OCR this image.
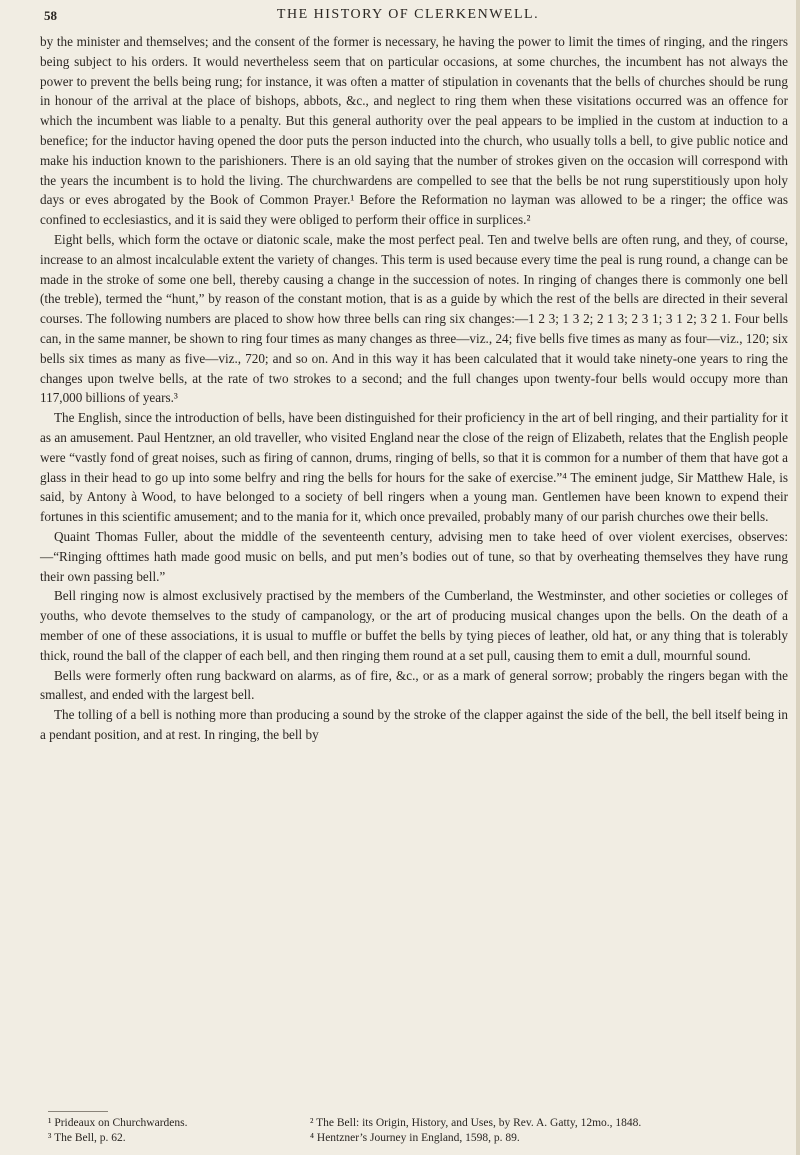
58	THE HISTORY OF CLERKENWELL.

by the minister and themselves; and the consent of the former is necessary, he having the power to limit the times of ringing, and the ringers being subject to his orders. It would nevertheless seem that on particular occasions, at some churches, the incumbent has not always the power to prevent the bells being rung; for instance, it was often a matter of stipulation in covenants that the bells of churches should be rung in honour of the arrival at the place of bishops, abbots, &c., and neglect to ring them when these visitations occurred was an offence for which the incumbent was liable to a penalty. But this general authority over the peal appears to be implied in the custom at induction to a benefice; for the inductor having opened the door puts the person inducted into the church, who usually tolls a bell, to give public notice and make his induction known to the parishioners. There is an old saying that the number of strokes given on the occasion will correspond with the years the incumbent is to hold the living. The churchwardens are compelled to see that the bells be not rung superstitiously upon holy days or eves abrogated by the Book of Common Prayer.¹ Before the Reformation no layman was allowed to be a ringer; the office was confined to ecclesiastics, and it is said they were obliged to perform their office in surplices.²

Eight bells, which form the octave or diatonic scale, make the most perfect peal. Ten and twelve bells are often rung, and they, of course, increase to an almost incalculable extent the variety of changes. This term is used because every time the peal is rung round, a change can be made in the stroke of some one bell, thereby causing a change in the succession of notes. In ringing of changes there is commonly one bell (the treble), termed the “hunt,” by reason of the constant motion, that is as a guide by which the rest of the bells are directed in their several courses. The following numbers are placed to show how three bells can ring six changes:—1 2 3; 1 3 2; 2 1 3; 2 3 1; 3 1 2; 3 2 1. Four bells can, in the same manner, be shown to ring four times as many changes as three—viz., 24; five bells five times as many as four—viz., 120; six bells six times as many as five—viz., 720; and so on. And in this way it has been calculated that it would take ninety-one years to ring the changes upon twelve bells, at the rate of two strokes to a second; and the full changes upon twenty-four bells would occupy more than 117,000 billions of years.³

The English, since the introduction of bells, have been distinguished for their proficiency in the art of bell ringing, and their partiality for it as an amusement. Paul Hentzner, an old traveller, who visited England near the close of the reign of Elizabeth, relates that the English people were “vastly fond of great noises, such as firing of cannon, drums, ringing of bells, so that it is common for a number of them that have got a glass in their head to go up into some belfry and ring the bells for hours for the sake of exercise.”⁴ The eminent judge, Sir Matthew Hale, is said, by Antony à Wood, to have belonged to a society of bell ringers when a young man. Gentlemen have been known to expend their fortunes in this scientific amusement; and to the mania for it, which once prevailed, probably many of our parish churches owe their bells.

Quaint Thomas Fuller, about the middle of the seventeenth century, advising men to take heed of over violent exercises, observes:—“Ringing ofttimes hath made good music on bells, and put men’s bodies out of tune, so that by overheating themselves they have rung their own passing bell.”

Bell ringing now is almost exclusively practised by the members of the Cumberland, the Westminster, and other societies or colleges of youths, who devote themselves to the study of campanology, or the art of producing musical changes upon the bells. On the death of a member of one of these associations, it is usual to muffle or buffet the bells by tying pieces of leather, old hat, or any thing that is tolerably thick, round the ball of the clapper of each bell, and then ringing them round at a set pull, causing them to emit a dull, mournful sound.

Bells were formerly often rung backward on alarms, as of fire, &c., or as a mark of general sorrow; probably the ringers began with the smallest, and ended with the largest bell.

The tolling of a bell is nothing more than producing a sound by the stroke of the clapper against the side of the bell, the bell itself being in a pendant position, and at rest. In ringing, the bell by

¹ Prideaux on Churchwardens.	² The Bell: its Origin, History, and Uses, by Rev. A. Gatty, 12mo., 1848.
³ The Bell, p. 62.	⁴ Hentzner’s Journey in England, 1598, p. 89.
